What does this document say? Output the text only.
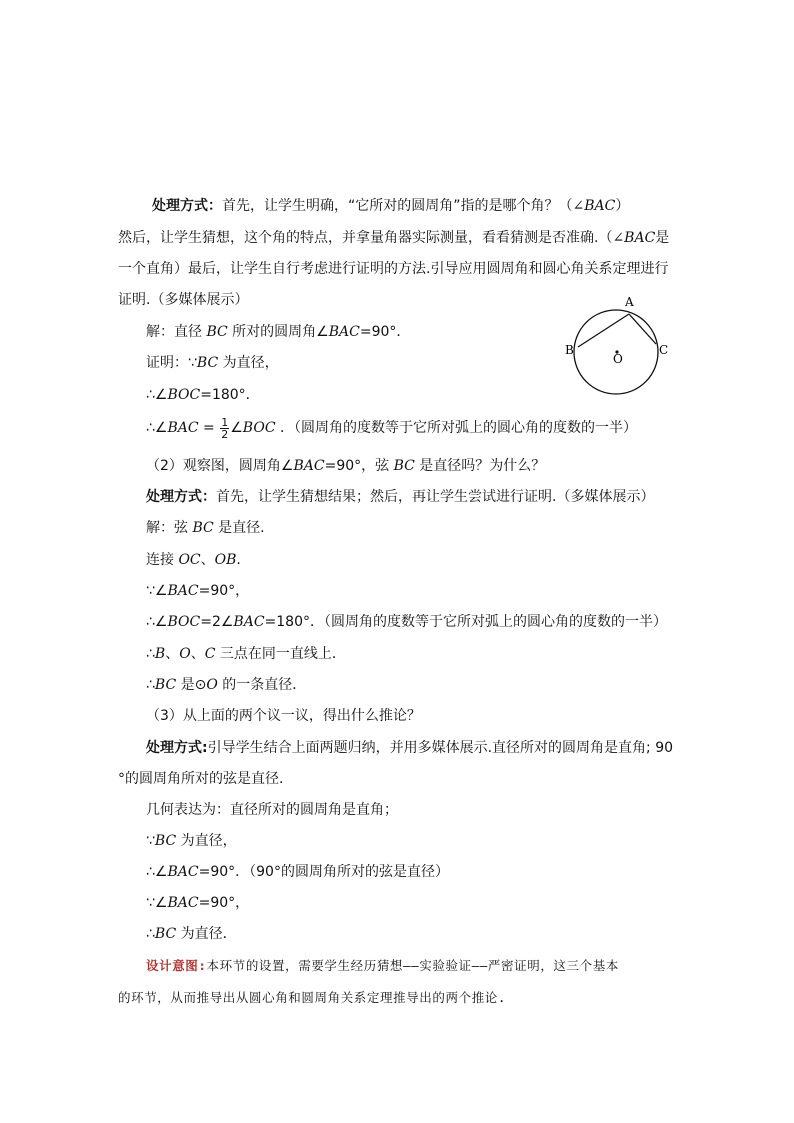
处理方式：首先，让学生明确，“它所对的圆周角”指的是哪个角？（∠BAC）
然后，让学生猜想，这个角的特点，并拿量角器实际测量，看看猜测是否准确.（∠BAC是
一个直角）最后，让学生自行考虑进行证明的方法.引导应用圆周角和圆心角关系定理进行
证明.（多媒体展示）
解：直径 BC 所对的圆周角∠BAC=90°．
证明：∵BC 为直径，
∴∠BOC=180°．
∴∠BAC = $\frac{1}{2}$ ∠BOC ．（圆周角的度数等于它所对弧上的圆心角的度数的一半）
（2）观察图，圆周角∠BAC=90°，弦 BC 是直径吗？为什么？
处理方式：首先，让学生猜想结果；然后，再让学生尝试进行证明.（多媒体展示）
解：弦 BC 是直径.
连接 OC、OB.
∵∠BAC=90°，
∴∠BOC=2∠BAC=180°．（圆周角的度数等于它所对弧上的圆心角的度数的一半）
∴B、O、C 三点在同一直线上．
∴BC 是⊙O 的一条直径．
（3）从上面的两个议一议，得出什么推论？
处理方式:引导学生结合上面两题归纳，并用多媒体展示.直径所对的圆周角是直角; 90
°的圆周角所对的弦是直径.
几何表达为：直径所对的圆周角是直角；
∵BC 为直径，
∴∠BAC=90°．（90°的圆周角所对的弦是直径）
∵∠BAC=90°，
∴BC 为直径．
设计意图:本环节的设置，需要学生经历猜想——实验验证——严密证明，这三个基本
的环节，从而推导出从圆心角和圆周角关系定理推导出的两个推论.
A
B	C
O
